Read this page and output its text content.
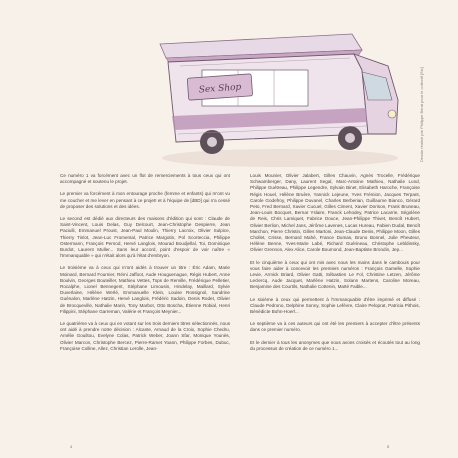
Sex Shop	Dessin réalisé par Philippe Berat pour le collectif [Sic]

Ce numéro 1 va forcément avec un flot de remerciements à tous ceux qui ont accompagné et soutenu le projet.

Le premier va forcément à mon entourage proche (femme et enfants) qui m'ont vu me coucher et me lever en pensant à ce projet! et à l'équipe de [dBD] qui n'a cessé de proposer des solutions et des idées.

Le second est dédié aux directeurs des maisons d'édition qui sont : Claude de Saint-Vincent, Louis Delas, Guy Delcourt, Jean-Christophe Despierre, Jean Paciulli, Emmanuel Proust, Jean-Paul Moulin, Thierry Lacroix, Olivier Sulpice, Thierry Tinlot, Jean-Luc Fromental, Patrice Margotin, Pol Scorteccia, Philippe Ostermann, François Pernod, Hervé Langlois, Mourad Boudjellal, Toi, Dominique Burdot, Laurent Muller... Sans leur accord, point d'espoir de voir naître « l'Immanquable » qui n'était alors qu'à l'état d'embryon.

Le troisième va à ceux qui m'ont aidés à trouver un titre : Éric Adam, Marie Moinard, Bernard Fournier, Rémi Jaffoot, Aude Houguenague, Régis Hubert, Anne Boulvin, Georges Bouteiller, Mathieu Vettes, Tops de Remille, Frédérique Pelletier, Rocalphe, Lionel Bennegent, Stéphane Limousin, Hindelay, Maillard, Sylvie Duverlaine, Hélène Werlé, Emmanuelle Klein, Louise Rossignol, Sandrine Guénalon, Marlène Hatzin, Hervé Langlois, Frédéric Sadoin, Denis Rodet, Olivier de Brocqueville, Nathalie Marin, Tony Marbot, Otto Boscha, Étienne Robial, Henri Filippini, Stéphane Garreman, Valérie et François Meynier...

Le quatrième va à ceux qui en votant sur les trois derniers titres sélectionnés, nous ont aidé à prendre notre décision : Alcante, Arnaud de la Croix, Sophie Chedru, Amélie Gouiltou, Evelyne Colas, Patrick Weber, Joann Sfar, Monique Younès, Olivier Marcon, Christophe Bercez, Pierre-Ramet Yoann, Philippe Forbes, Dubuc, Françoise Colline, Allez, Christian Lerolle, Jean-

Louis Mounier, Olivier Jalabert, Gilles Chauvin, Agnès Trocelle, Frédérique Schwamberger, Dany, Laurent Segal, Marc-Antoine Mathieu, Nathalie Lund, Philippe Guétreau, Philippe Legendre, Sylvain Binet, Elisabeth Haroche, Françoise Régis Houel, Hélène Bruère, Yannick Lejeune, Yves Frémion, Jacques Terpant, Carole Godefroy, Philippe Duvanel, Charles Berberian, Guillaume Bianco, Gérard Peto, Fred Bernard, Xavier Cucuel, Gilles Ciment, Xavier Dorison, Frank Bruneau, Jean-Louis Bocquet, Bernar Yslaire, Franck Lehodey, Patrice Lacarrie, Ségolène de Reis, Chris Lamiquet, Fabrice Douce, Jean-Philippe Thivet, Benoît Hubert, Olivier Berlion, Michel Jans, Jérôme Lavenes, Lucas Hureau, Fabien Dudal, Benoît Marchon, Pierre Christin, Gilles Martoni, Jean-Claude Denis, Philippe Moon, Gilles Chollet, Crisse, Bernard Mahé, France Dumas, Bruno Bonnel, Julie Pheuteur, Hélène Benne, Yves-Marie Labé, Richard Guérineau, Christophe Lebldinsky, Olivier Grennon, Alex Alice, Carole Boumond, Jean-Baptiste Brondin, Jep...

Et le cinquième à ceux qui ont mis avec nous les mains dans le cambouis pour vous faire aider à concevoir les premiers numéros : François Gamelle, Sophie Levie, Armick Briard, Olivier Gatti, Sébastien Le Fol, Christine Letzen, Jérôme Leclercq, Aude Jacquet, Marlène Hatzin, Solann Martens, Caroline Moreau, Benjamine des Courtils, Nathalie Cottenin, Maïté Faible...

Le sixième à ceux qui permettent à l'Immanquable d'être imprimé et diffusé : Claude Pedrono, Delphine Sonny, Sophie Lefèvre, Claire Peloprat, Patricia Pithois, Bénédicte Bohn-Hoerl...

Le septième va à ces auteurs qui ont été les premiers à accepter d'être présents dans ce premier numéro.

Et le dernier à tous les anonymes que nous avons croisés et écoutés tout au long du processus de création de ce numéro 1...

4	5
